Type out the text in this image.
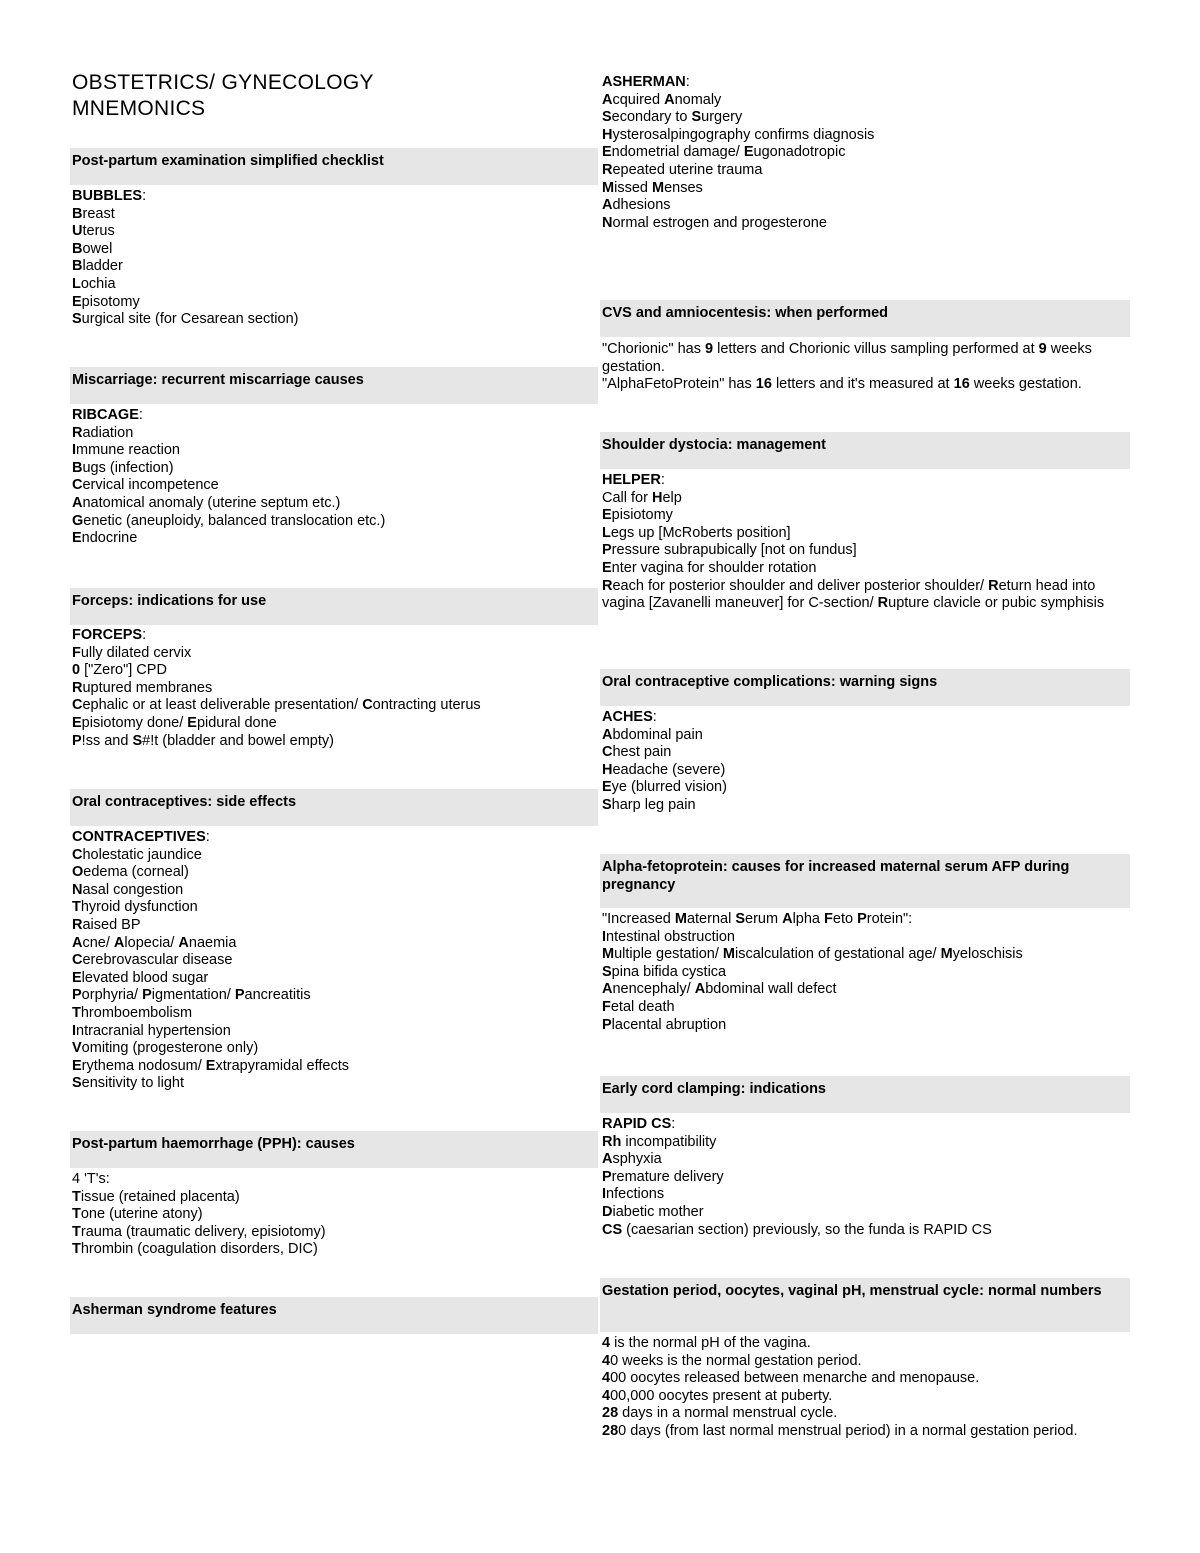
OBSTETRICS/ GYNECOLOGY MNEMONICS
Post-partum examination simplified checklist
BUBBLES:
Breast
Uterus
Bowel
Bladder
Lochia
Episotomy
Surgical site (for Cesarean section)
Miscarriage: recurrent miscarriage causes
RIBCAGE:
Radiation
Immune reaction
Bugs (infection)
Cervical incompetence
Anatomical anomaly (uterine septum etc.)
Genetic (aneuploidy, balanced translocation etc.)
Endocrine
Forceps: indications for use
FORCEPS:
Fully dilated cervix
0 ["Zero"] CPD
Ruptured membranes
Cephalic or at least deliverable presentation/ Contracting uterus
Episiotomy done/ Epidural done
P!ss and S#!t (bladder and bowel empty)
Oral contraceptives: side effects
CONTRACEPTIVES:
Cholestatic jaundice
Oedema (corneal)
Nasal congestion
Thyroid dysfunction
Raised BP
Acne/ Alopecia/ Anaemia
Cerebrovascular disease
Elevated blood sugar
Porphyria/ Pigmentation/ Pancreatitis
Thromboembolism
Intracranial hypertension
Vomiting (progesterone only)
Erythema nodosum/ Extrapyramidal effects
Sensitivity to light
Post-partum haemorrhage (PPH): causes
4 'T's:
Tissue (retained placenta)
Tone (uterine atony)
Trauma (traumatic delivery, episiotomy)
Thrombin (coagulation disorders, DIC)
Asherman syndrome features
ASHERMAN:
Acquired Anomaly
Secondary to Surgery
Hysterosalpingography confirms diagnosis
Endometrial damage/ Eugonadotropic
Repeated uterine trauma
Missed Menses
Adhesions
Normal estrogen and progesterone
CVS and amniocentesis: when performed
"Chorionic" has 9 letters and Chorionic villus sampling performed at 9 weeks gestation.
"AlphaFetoProtein" has 16 letters and it's measured at 16 weeks gestation.
Shoulder dystocia: management
HELPER:
Call for Help
Episiotomy
Legs up [McRoberts position]
Pressure subrapubically [not on fundus]
Enter vagina for shoulder rotation
Reach for posterior shoulder and deliver posterior shoulder/ Return head into vagina [Zavanelli maneuver] for C-section/ Rupture clavicle or pubic symphisis
Oral contraceptive complications: warning signs
ACHES:
Abdominal pain
Chest pain
Headache (severe)
Eye (blurred vision)
Sharp leg pain
Alpha-fetoprotein: causes for increased maternal serum AFP during pregnancy
"Increased Maternal Serum Alpha Feto Protein":
Intestinal obstruction
Multiple gestation/ Miscalculation of gestational age/ Myeloschisis
Spina bifida cystica
Anencephaly/ Abdominal wall defect
Fetal death
Placental abruption
Early cord clamping: indications
RAPID CS:
Rh incompatibility
Asphyxia
Premature delivery
Infections
Diabetic mother
CS (caesarian section) previously, so the funda is RAPID CS
Gestation period, oocytes, vaginal pH, menstrual cycle: normal numbers
4 is the normal pH of the vagina.
40 weeks is the normal gestation period.
400 oocytes released between menarche and menopause.
400,000 oocytes present at puberty.
28 days in a normal menstrual cycle.
280 days (from last normal menstrual period) in a normal gestation period.
